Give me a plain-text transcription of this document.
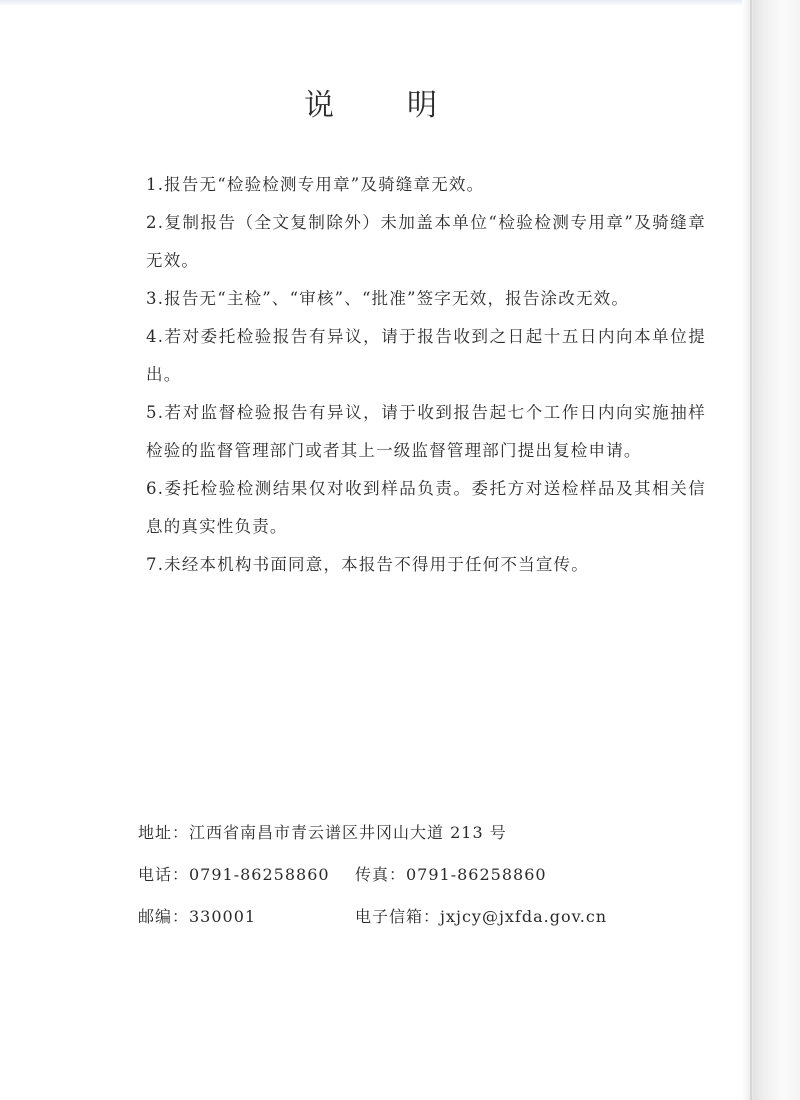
说 明

1.报告无“检验检测专用章”及骑缝章无效。

2.复制报告（全文复制除外）未加盖本单位“检验检测专用章”及骑缝章无效。

3.报告无“主检”、“审核”、“批准”签字无效，报告涂改无效。

4.若对委托检验报告有异议，请于报告收到之日起十五日内向本单位提出。

5.若对监督检验报告有异议，请于收到报告起七个工作日内向实施抽样检验的监督管理部门或者其上一级监督管理部门提出复检申请。

6.委托检验检测结果仅对收到样品负责。委托方对送检样品及其相关信息的真实性负责。

7.未经本机构书面同意，本报告不得用于任何不当宣传。

地址：江西省南昌市青云谱区井冈山大道 213 号
电话：0791-86258860 传真：0791-86258860
邮编：330001	电子信箱：jxjcy@jxfda.gov.cn
